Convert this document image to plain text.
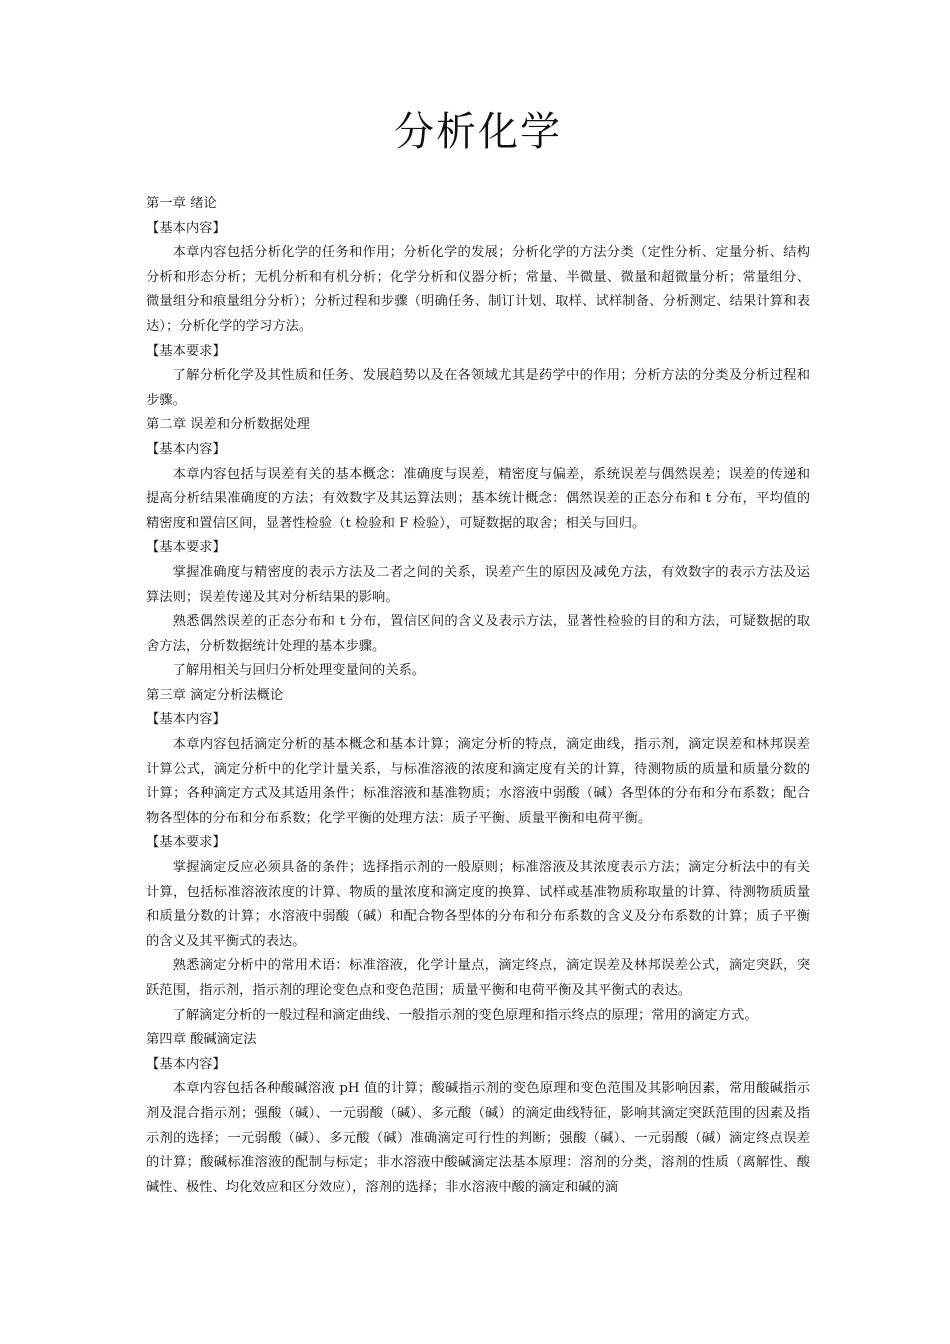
分析化学

第一章 绪论

【基本内容】

本章内容包括分析化学的任务和作用；分析化学的发展；分析化学的方法分类（定性分析、定量分析、结构分析和形态分析；无机分析和有机分析；化学分析和仪器分析；常量、半微量、微量和超微量分析；常量组分、微量组分和痕量组分分析）；分析过程和步骤（明确任务、制订计划、取样、试样制备、分析测定、结果计算和表达）；分析化学的学习方法。

【基本要求】

了解分析化学及其性质和任务、发展趋势以及在各领域尤其是药学中的作用；分析方法的分类及分析过程和步骤。

第二章 误差和分析数据处理

【基本内容】

本章内容包括与误差有关的基本概念：准确度与误差，精密度与偏差，系统误差与偶然误差；误差的传递和提高分析结果准确度的方法；有效数字及其运算法则；基本统计概念：偶然误差的正态分布和 t 分布，平均值的精密度和置信区间，显著性检验（t 检验和 F 检验），可疑数据的取舍；相关与回归。

【基本要求】

掌握准确度与精密度的表示方法及二者之间的关系，误差产生的原因及减免方法，有效数字的表示方法及运算法则；误差传递及其对分析结果的影响。

熟悉偶然误差的正态分布和 t 分布，置信区间的含义及表示方法，显著性检验的目的和方法，可疑数据的取舍方法，分析数据统计处理的基本步骤。

了解用相关与回归分析处理变量间的关系。

第三章 滴定分析法概论

【基本内容】

本章内容包括滴定分析的基本概念和基本计算；滴定分析的特点，滴定曲线，指示剂，滴定误差和林邦误差计算公式，滴定分析中的化学计量关系，与标准溶液的浓度和滴定度有关的计算，待测物质的质量和质量分数的计算；各种滴定方式及其适用条件；标准溶液和基准物质；水溶液中弱酸（碱）各型体的分布和分布系数；配合物各型体的分布和分布系数；化学平衡的处理方法：质子平衡、质量平衡和电荷平衡。

【基本要求】

掌握滴定反应必须具备的条件；选择指示剂的一般原则；标准溶液及其浓度表示方法；滴定分析法中的有关计算，包括标准溶液浓度的计算、物质的量浓度和滴定度的换算、试样或基准物质称取量的计算、待测物质质量和质量分数的计算；水溶液中弱酸（碱）和配合物各型体的分布和分布系数的含义及分布系数的计算；质子平衡的含义及其平衡式的表达。

熟悉滴定分析中的常用术语：标准溶液，化学计量点，滴定终点，滴定误差及林邦误差公式，滴定突跃，突跃范围，指示剂，指示剂的理论变色点和变色范围；质量平衡和电荷平衡及其平衡式的表达。

了解滴定分析的一般过程和滴定曲线、一般指示剂的变色原理和指示终点的原理；常用的滴定方式。

第四章 酸碱滴定法

【基本内容】

本章内容包括各种酸碱溶液 pH 值的计算；酸碱指示剂的变色原理和变色范围及其影响因素，常用酸碱指示剂及混合指示剂；强酸（碱）、一元弱酸（碱）、多元酸（碱）的滴定曲线特征，影响其滴定突跃范围的因素及指示剂的选择；一元弱酸（碱）、多元酸（碱）准确滴定可行性的判断；强酸（碱）、一元弱酸（碱）滴定终点误差的计算；酸碱标准溶液的配制与标定；非水溶液中酸碱滴定法基本原理：溶剂的分类，溶剂的性质（离解性、酸碱性、极性、均化效应和区分效应），溶剂的选择；非水溶液中酸的滴定和碱的滴
